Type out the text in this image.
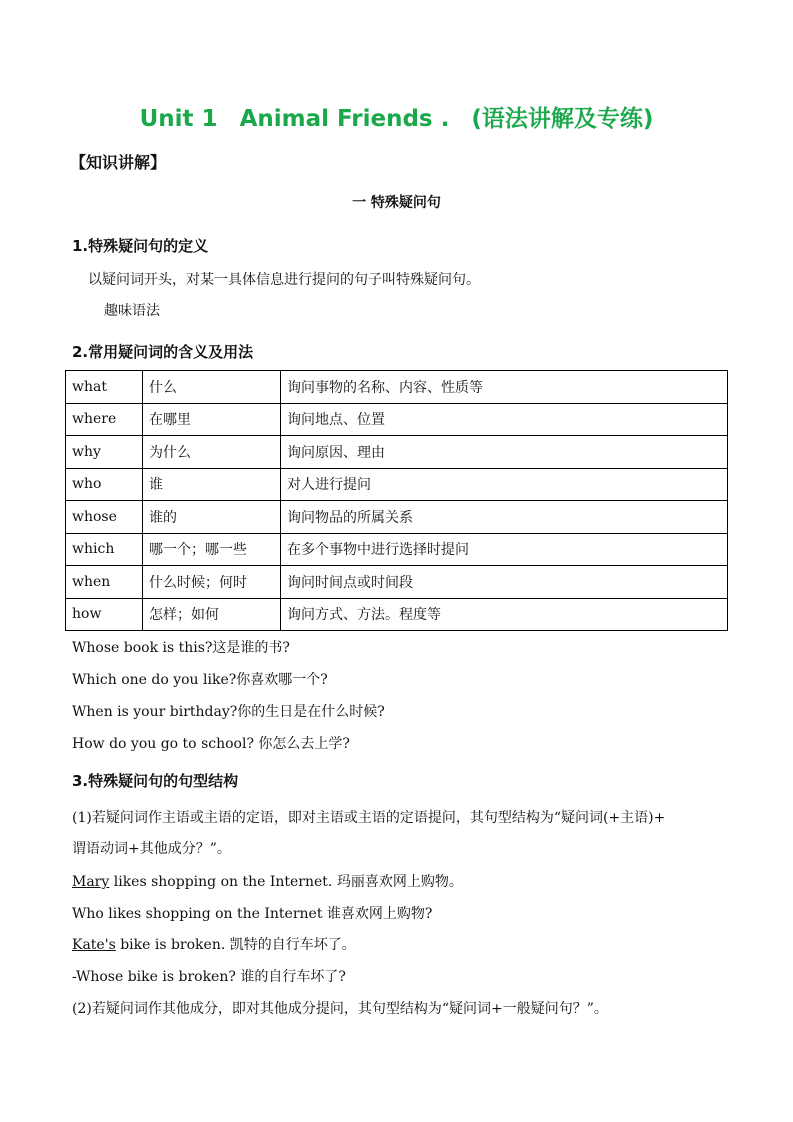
Unit 1 Animal Friends . (语法讲解及专练)
【知识讲解】
一 特殊疑问句
1.特殊疑问句的定义
以疑问词开头，对某一具体信息进行提问的句子叫特殊疑问句。
趣味语法
2.常用疑问词的含义及用法
what	什么	询问事物的名称、内容、性质等
where	在哪里	询问地点、位置
why	为什么	询问原因、理由
who	谁	对人进行提问
whose	谁的	询问物品的所属关系
which	哪一个；哪一些	在多个事物中进行选择时提问
when	什么时候；何时	询问时间点或时间段
how	怎样；如何	询问方式、方法。程度等
Whose book is this?这是谁的书?
Which one do you like?你喜欢哪一个?
When is your birthday?你的生日是在什么时候?
How do you go to school? 你怎么去上学?
3.特殊疑问句的句型结构
(1)若疑问词作主语或主语的定语，即对主语或主语的定语提问，其句型结构为“疑问词(+主语)+
谓语动词+其他成分？”。
Mary likes shopping on the Internet. 玛丽喜欢网上购物。
Who likes shopping on the Internet 谁喜欢网上购物?
Kate's bike is broken. 凯特的自行车坏了。
-Whose bike is broken? 谁的自行车坏了?
(2)若疑问词作其他成分，即对其他成分提问，其句型结构为“疑问词+一般疑问句？”。
